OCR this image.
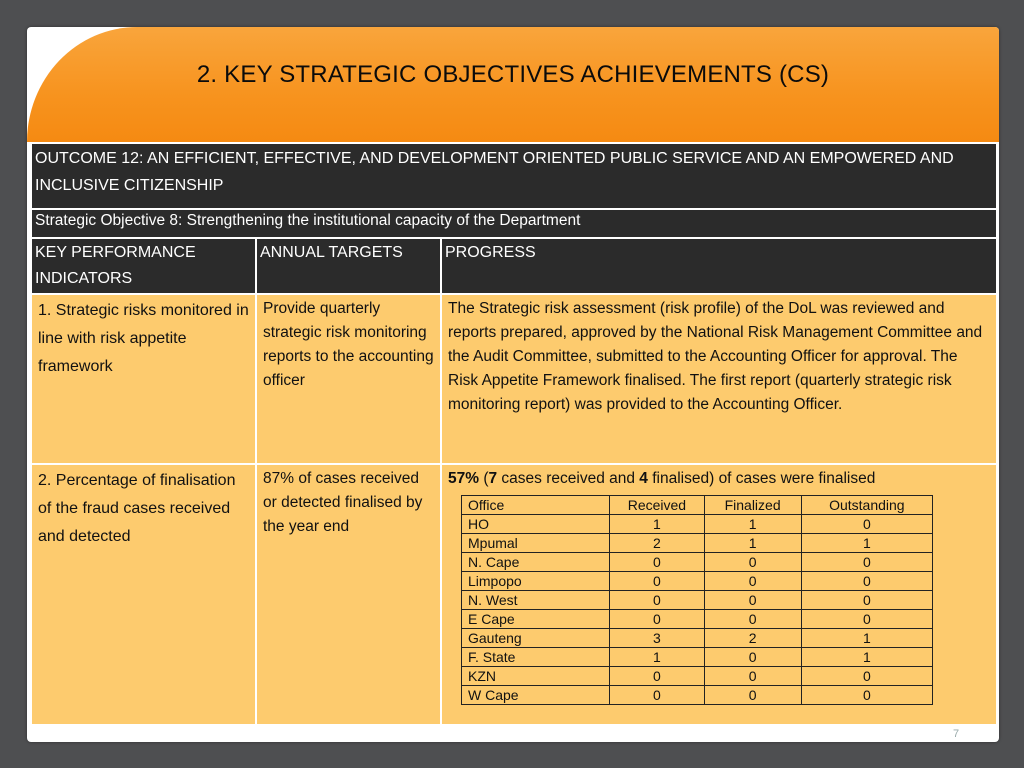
2. KEY STRATEGIC OBJECTIVES ACHIEVEMENTS (CS)
OUTCOME 12: AN EFFICIENT, EFFECTIVE, AND DEVELOPMENT ORIENTED PUBLIC SERVICE AND AN EMPOWERED AND INCLUSIVE CITIZENSHIP
Strategic Objective 8: Strengthening the institutional capacity of the Department
KEY PERFORMANCE INDICATORS	ANNUAL TARGETS	PROGRESS
1. Strategic risks monitored in line with risk appetite framework	Provide quarterly strategic risk monitoring reports to the accounting officer	The Strategic risk assessment (risk profile) of the DoL was reviewed and reports prepared, approved by the National Risk Management Committee and the Audit Committee, submitted to the Accounting Officer for approval. The Risk Appetite Framework finalised. The first report (quarterly strategic risk monitoring report) was provided to the Accounting Officer.
2. Percentage of finalisation of the fraud cases received and detected	87% of cases received or detected finalised by the year end	
57% (7 cases received and 4 finalised) of cases were finalised
Office	Received	Finalized	Outstanding
HO	1	1	0
Mpumal	2	1	1
N. Cape	0	0	0
Limpopo	0	0	0
N. West	0	0	0
E Cape	0	0	0
Gauteng	3	2	1
F. State	1	0	1
KZN	0	0	0
W Cape	0	0	0
7
